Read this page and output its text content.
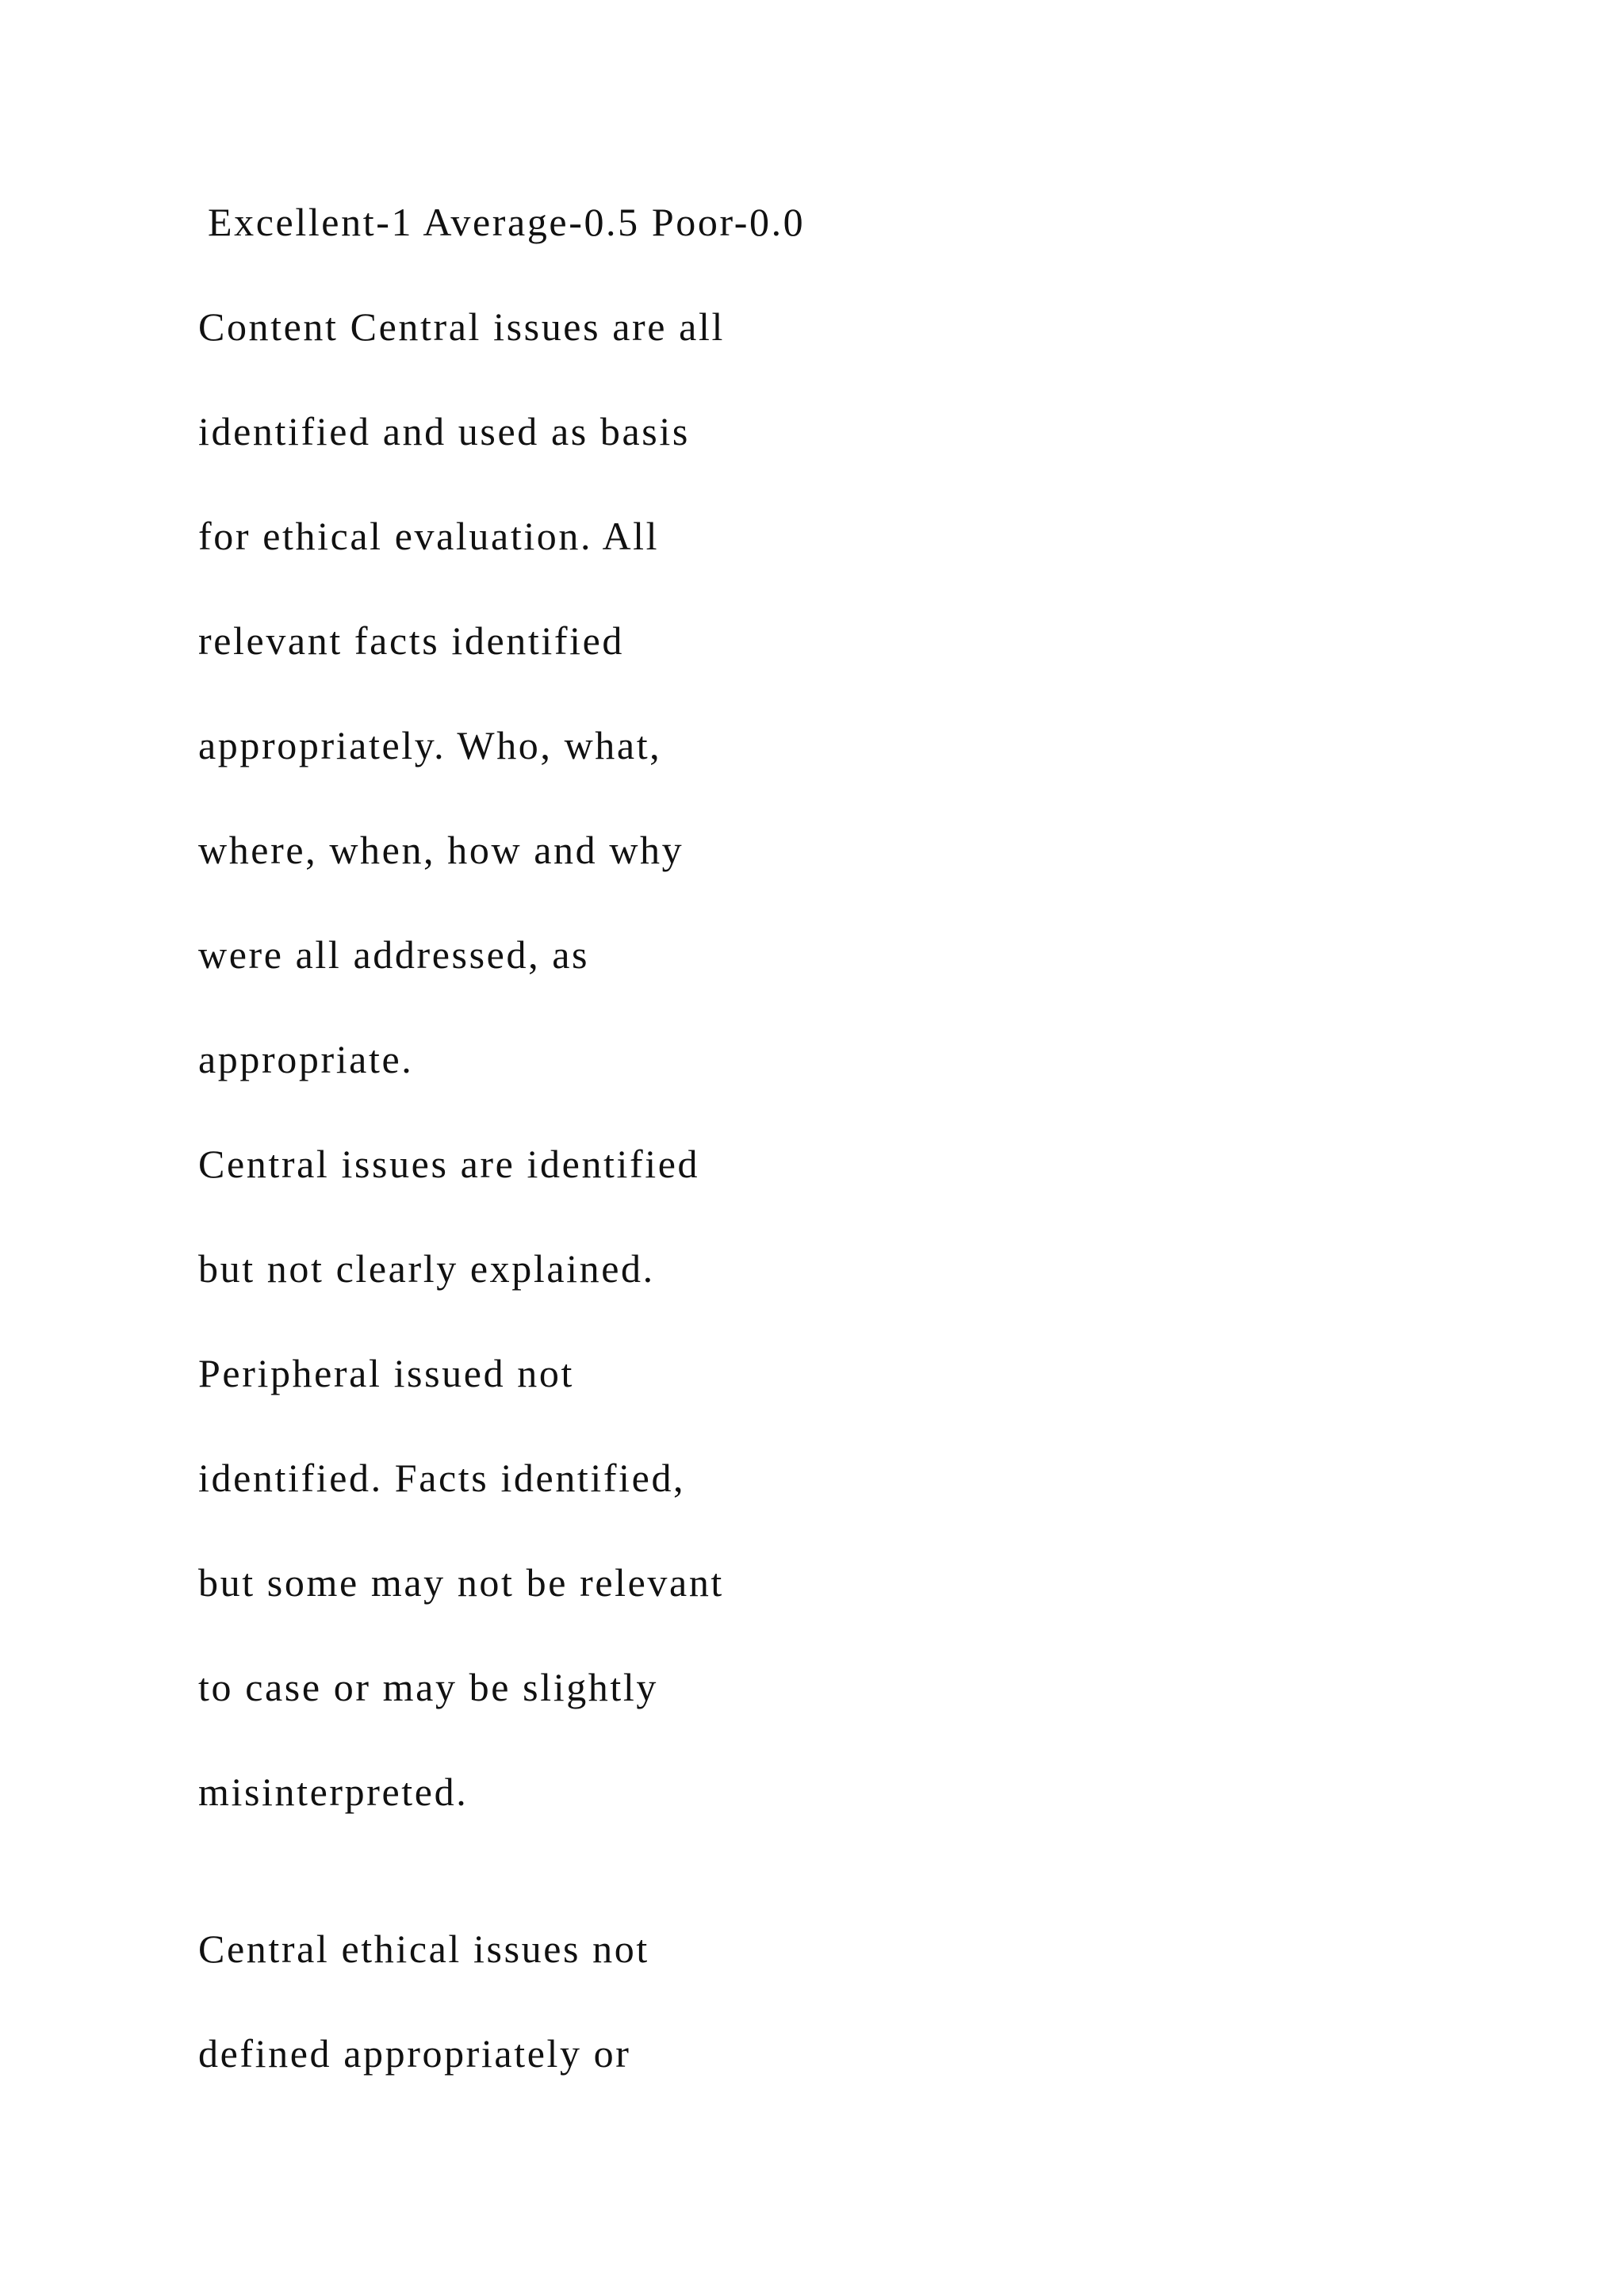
Excellent-1 Average-0.5 Poor-0.0

Content Central issues are all

identified and used as basis

for ethical evaluation. All

relevant facts identified

appropriately. Who, what,

where, when, how and why

were all addressed, as

appropriate.

Central issues are identified

but not clearly explained.

Peripheral issued not

identified. Facts identified,

but some may not be relevant

to case or may be slightly

misinterpreted.

Central ethical issues not

defined appropriately or
